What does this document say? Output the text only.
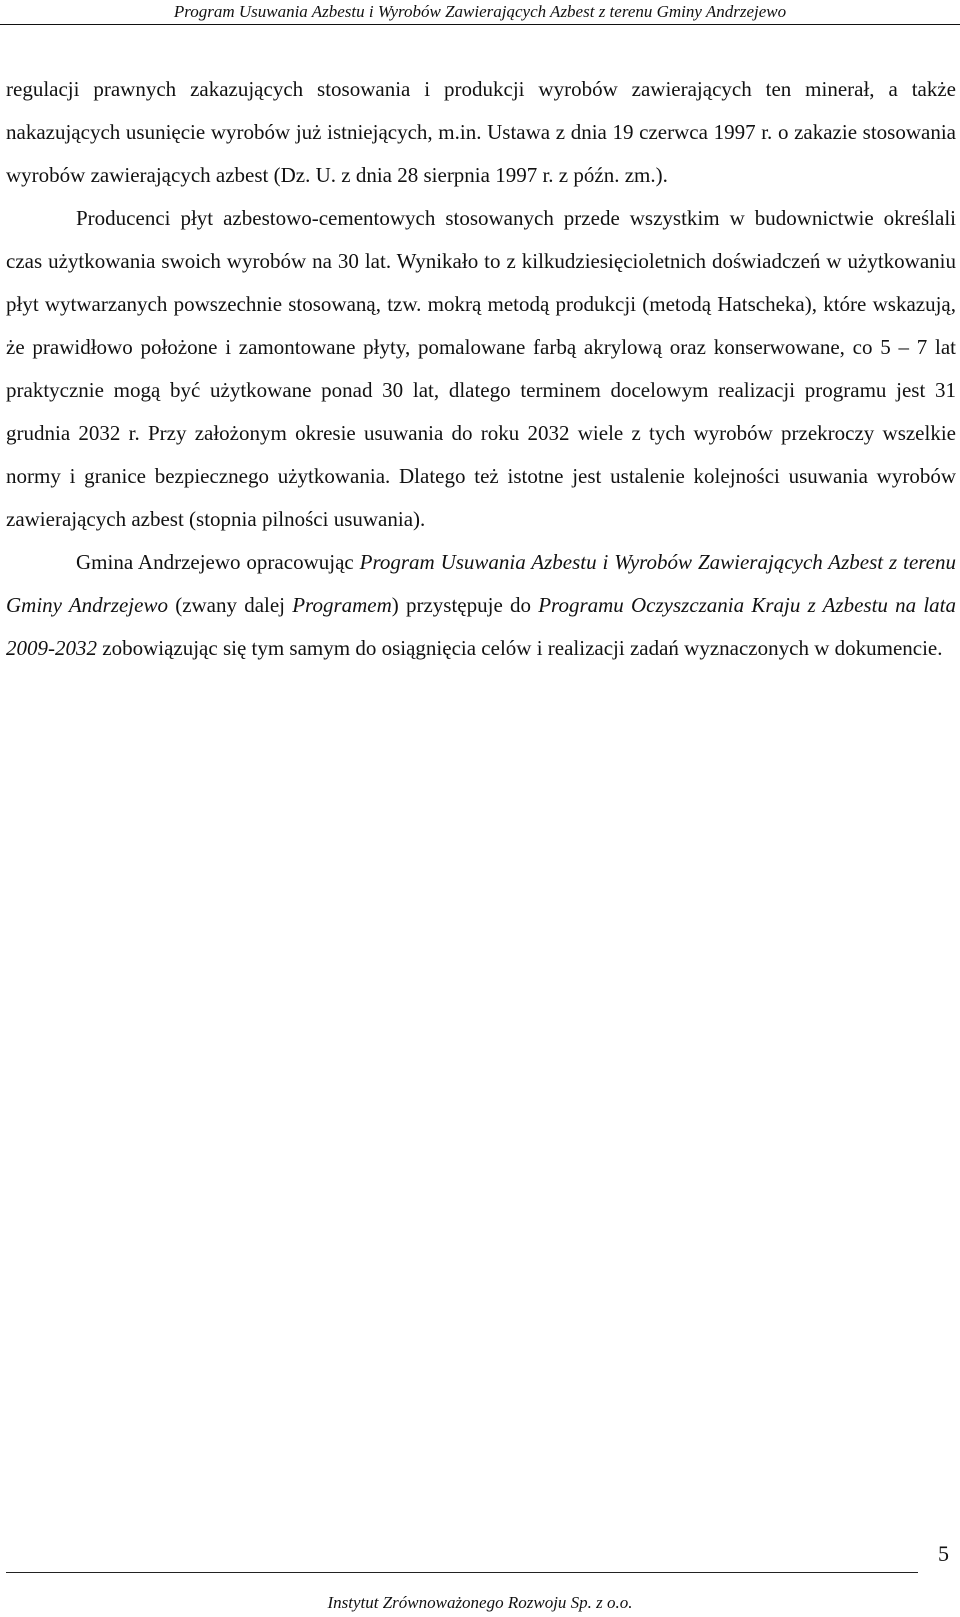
Program Usuwania Azbestu i Wyrobów Zawierających Azbest z terenu Gminy Andrzejewo

regulacji prawnych zakazujących stosowania i produkcji wyrobów zawierających ten minerał, a także nakazujących usunięcie wyrobów już istniejących, m.in. Ustawa z dnia 19 czerwca 1997 r. o zakazie stosowania wyrobów zawierających azbest (Dz. U. z dnia 28 sierpnia 1997 r. z późn. zm.).

Producenci płyt azbestowo-cementowych stosowanych przede wszystkim w budownictwie określali czas użytkowania swoich wyrobów na 30 lat. Wynikało to z kilkudziesięcioletnich doświadczeń w użytkowaniu płyt wytwarzanych powszechnie stosowaną, tzw. mokrą metodą produkcji (metodą Hatscheka), które wskazują, że prawidłowo położone i zamontowane płyty, pomalowane farbą akrylową oraz konserwowane, co 5 – 7 lat praktycznie mogą być użytkowane ponad 30 lat, dlatego terminem docelowym realizacji programu jest 31 grudnia 2032 r. Przy założonym okresie usuwania do roku 2032 wiele z tych wyrobów przekroczy wszelkie normy i granice bezpiecznego użytkowania. Dlatego też istotne jest ustalenie kolejności usuwania wyrobów zawierających azbest (stopnia pilności usuwania).

Gmina Andrzejewo opracowując Program Usuwania Azbestu i Wyrobów Zawierających Azbest z terenu Gminy Andrzejewo (zwany dalej Programem) przystępuje do Programu Oczyszczania Kraju z Azbestu na lata 2009-2032 zobowiązując się tym samym do osiągnięcia celów i realizacji zadań wyznaczonych w dokumencie.

5
Instytut Zrównoważonego Rozwoju Sp. z o.o.
